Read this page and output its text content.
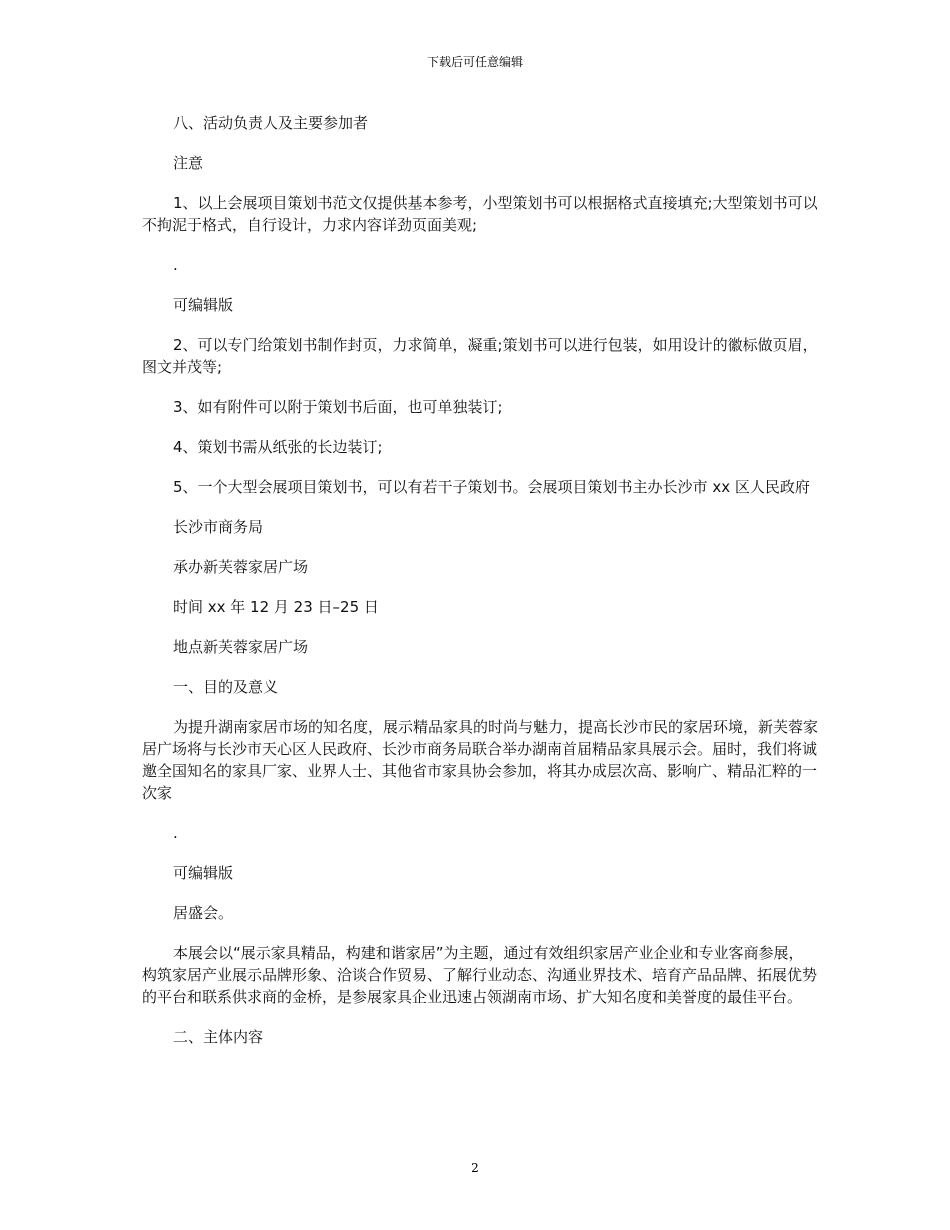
下载后可任意编辑

八、活动负责人及主要参加者

注意

1、以上会展项目策划书范文仅提供基本参考，小型策划书可以根据格式直接填充;大型策划书可以不拘泥于格式，自行设计，力求内容详劲页面美观;

.

可编辑版

2、可以专门给策划书制作封页，力求简单，凝重;策划书可以进行包装，如用设计的徽标做页眉，图文并茂等;

3、如有附件可以附于策划书后面，也可单独装订;

4、策划书需从纸张的长边装订;

5、一个大型会展项目策划书，可以有若干子策划书。会展项目策划书主办长沙市 xx 区人民政府

长沙市商务局

承办新芙蓉家居广场

时间 xx 年 12 月 23 日–25 日

地点新芙蓉家居广场

一、目的及意义

为提升湖南家居市场的知名度，展示精品家具的时尚与魅力，提高长沙市民的家居环境，新芙蓉家居广场将与长沙市天心区人民政府、长沙市商务局联合举办湖南首届精品家具展示会。届时，我们将诚邀全国知名的家具厂家、业界人士、其他省市家具协会参加，将其办成层次高、影响广、精品汇粹的一次家

.

可编辑版

居盛会。

本展会以“展示家具精品，构建和谐家居”为主题，通过有效组织家居产业企业和专业客商参展，构筑家居产业展示品牌形象、洽谈合作贸易、了解行业动态、沟通业界技术、培育产品品牌、拓展优势的平台和联系供求商的金桥，是参展家具企业迅速占领湖南市场、扩大知名度和美誉度的最佳平台。

二、主体内容

2
